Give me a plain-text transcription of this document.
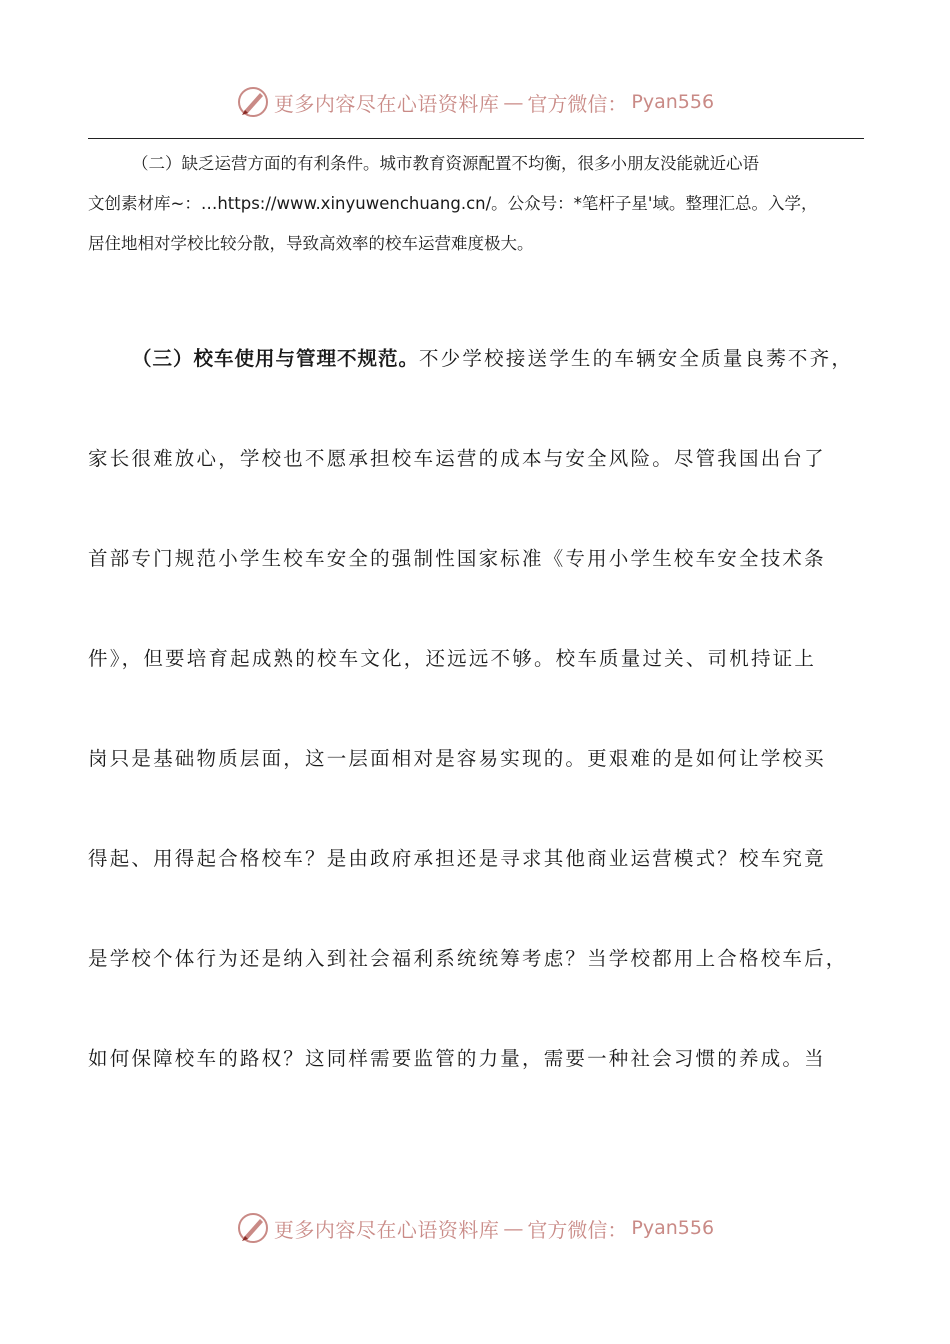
更多内容尽在心语资料库 — 官方微信： Pyan556
（二）缺乏运营方面的有利条件。城市教育资源配置不均衡，很多小朋友没能就近心语
文创素材库~：…https://www.xinyuwenchuang.cn/。公众号：*笔杆子星'域。整理汇总。入学，
居住地相对学校比较分散，导致高效率的校车运营难度极大。
（三）校车使用与管理不规范。不少学校接送学生的车辆安全质量良莠不齐，
家长很难放心，学校也不愿承担校车运营的成本与安全风险。尽管我国出台了
首部专门规范小学生校车安全的强制性国家标准《专用小学生校车安全技术条
件》，但要培育起成熟的校车文化，还远远不够。校车质量过关、司机持证上
岗只是基础物质层面，这一层面相对是容易实现的。更艰难的是如何让学校买
得起、用得起合格校车？是由政府承担还是寻求其他商业运营模式？校车究竟
是学校个体行为还是纳入到社会福利系统统筹考虑？当学校都用上合格校车后，
如何保障校车的路权？这同样需要监管的力量，需要一种社会习惯的养成。当
更多内容尽在心语资料库 — 官方微信： Pyan556
